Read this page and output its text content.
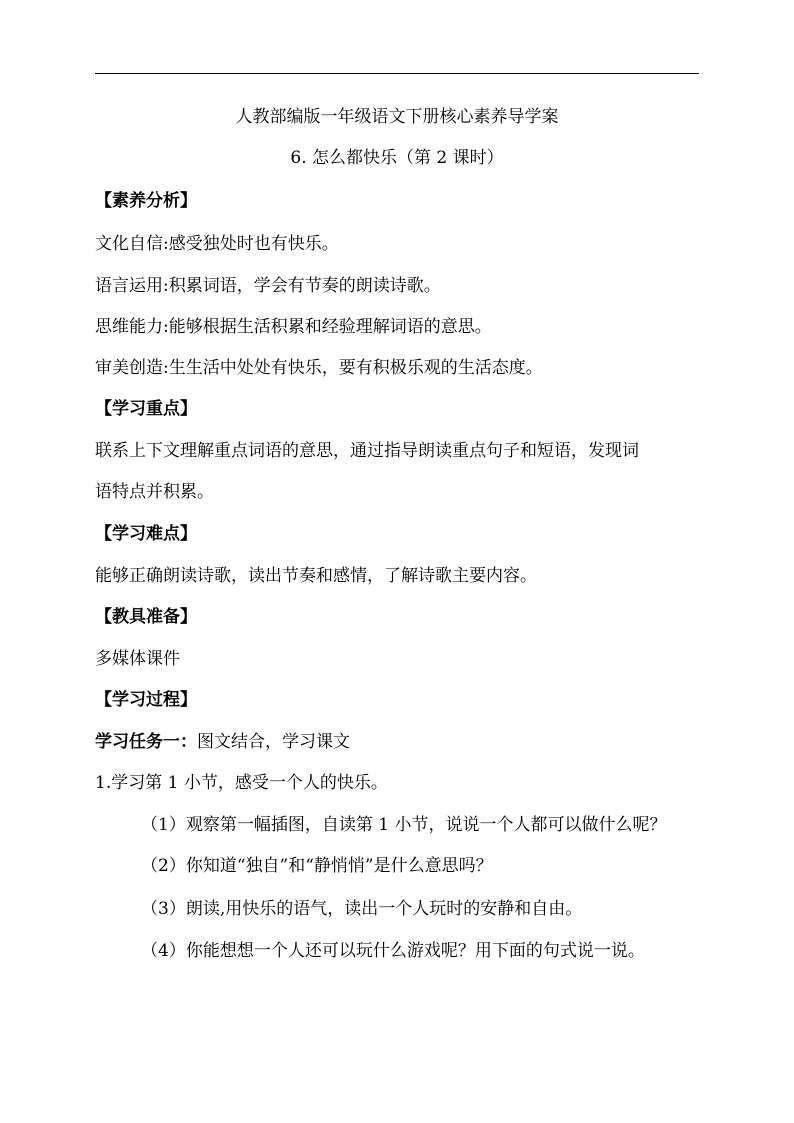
人教部编版一年级语文下册核心素养导学案
6. 怎么都快乐（第 2 课时）
【素养分析】
文化自信:感受独处时也有快乐。
语言运用:积累词语，学会有节奏的朗读诗歌。
思维能力:能够根据生活积累和经验理解词语的意思。
审美创造:生生活中处处有快乐，要有积极乐观的生活态度。
【学习重点】
联系上下文理解重点词语的意思，通过指导朗读重点句子和短语，发现词
语特点并积累。
【学习难点】
能够正确朗读诗歌，读出节奏和感情，了解诗歌主要内容。
【教具准备】
多媒体课件
【学习过程】
学习任务一：图文结合，学习课文
1.学习第 1 小节，感受一个人的快乐。
（1）观察第一幅插图，自读第 1 小节，说说一个人都可以做什么呢？
（2）你知道“独自”和“静悄悄”是什么意思吗？
（3）朗读,用快乐的语气，读出一个人玩时的安静和自由。
（4）你能想想一个人还可以玩什么游戏呢？用下面的句式说一说。
